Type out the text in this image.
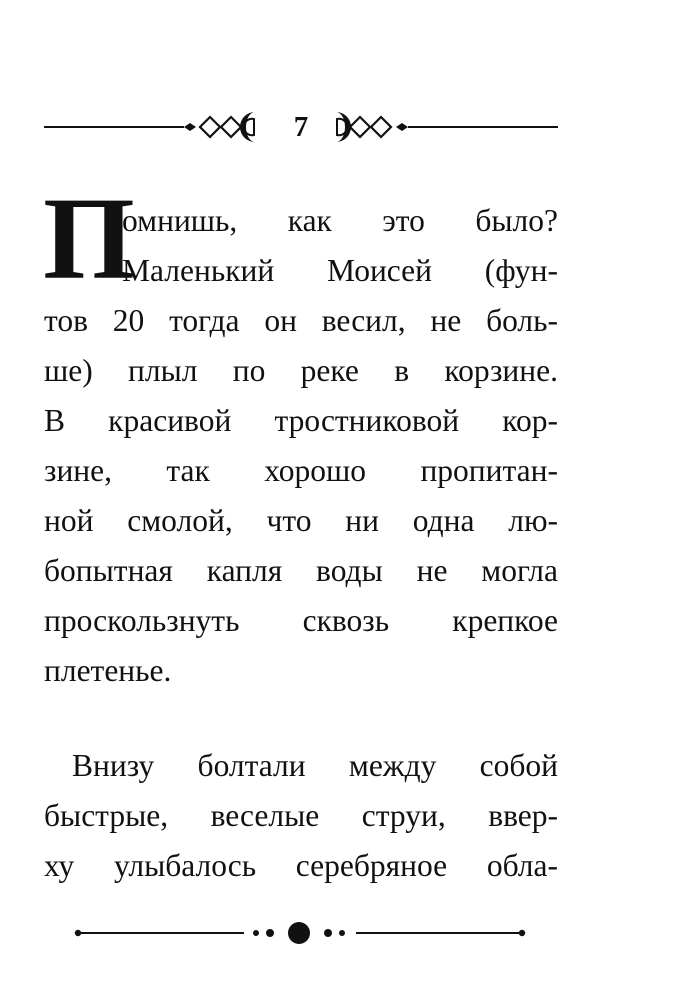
7
П
омнишь, как это было?
Маленький Моисей (фун-
тов 20 тогда он весил, не боль-
ше) плыл по реке в корзине.
В красивой тростниковой кор-
зине, так хорошо пропитан-
ной смолой, что ни одна лю-
бопытная капля воды не могла
проскользнуть сквозь крепкое
плетенье.
Внизу болтали между собой
быстрые, веселые струи, ввер-
ху улыбалось серебряное обла-
